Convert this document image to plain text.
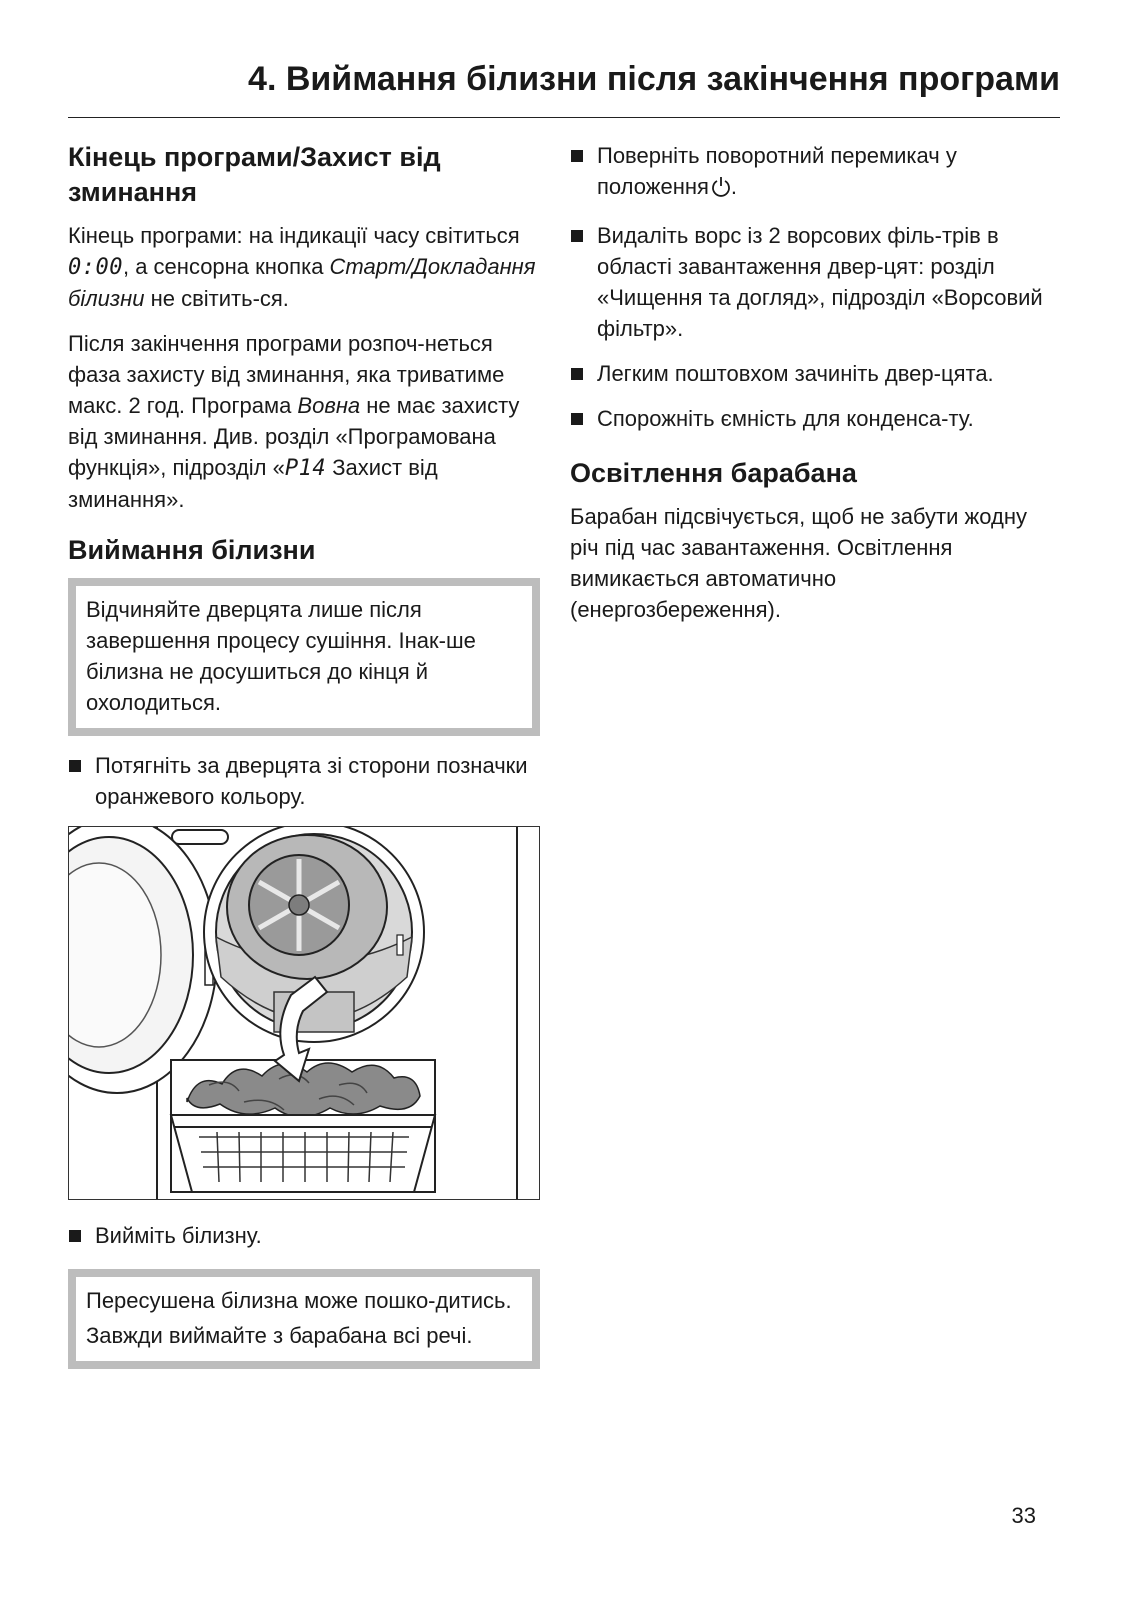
4. Виймання білизни після закінчення програми
Кінець програми/Захист від зминання

Кінець програми: на індикації часу світиться 0:00, а сенсорна кнопка Старт/Докладання білизни не світить-ся.

Після закінчення програми розпоч-неться фаза захисту від зминання, яка триватиме макс. 2 год. Програма Вовна не має захисту від зминання. Див. розділ «Програмована функція», підрозділ «P14 Захист від зминання».

Виймання білизни

Відчиняйте дверцята лише після завершення процесу сушіння. Інак-ше білизна не досушиться до кінця й охолодиться.

Потягніть за дверцята зі сторони позначки оранжевого кольору.
Вийміть білизну.

Пересушена білизна може пошко-дитись.

Завжди виймайте з барабана всі речі.

Поверніть поворотний перемикач у положення .
Видаліть ворс із 2 ворсових філь-трів в області завантаження двер-цят: розділ «Чищення та догляд», підрозділ «Ворсовий фільтр».
Легким поштовхом зачиніть двер-цята.
Спорожніть ємність для конденса-ту.
Освітлення барабана

Барабан підсвічується, щоб не забути жодну річ під час завантаження. Освітлення вимикається автоматично (енергозбереження).

33
